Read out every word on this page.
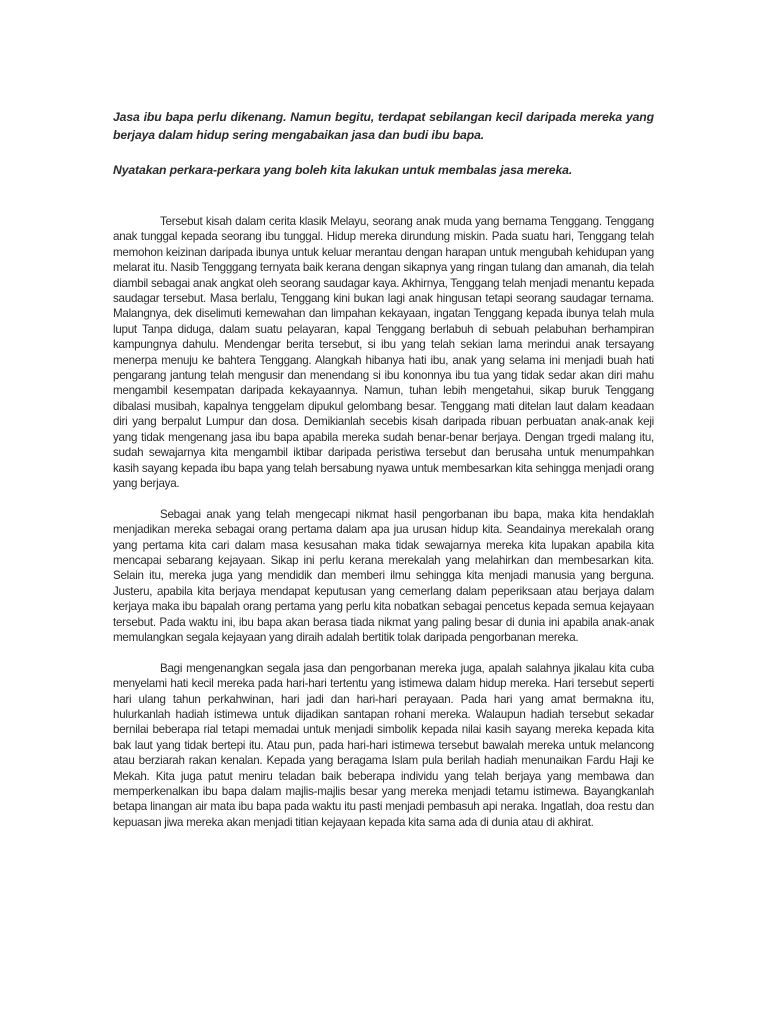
Jasa ibu bapa perlu dikenang. Namun begitu, terdapat sebilangan kecil daripada mereka yang berjaya dalam hidup sering mengabaikan jasa dan budi ibu bapa.

Nyatakan perkara-perkara yang boleh kita lakukan untuk membalas jasa mereka.

Tersebut kisah dalam cerita klasik Melayu, seorang anak muda yang bernama Tenggang. Tenggang anak tunggal kepada seorang ibu tunggal. Hidup mereka dirundung miskin. Pada suatu hari, Tenggang telah memohon keizinan daripada ibunya untuk keluar merantau dengan harapan untuk mengubah kehidupan yang melarat itu. Nasib Tengggang ternyata baik kerana dengan sikapnya yang ringan tulang dan amanah, dia telah diambil sebagai anak angkat oleh seorang saudagar kaya. Akhirnya, Tenggang telah menjadi menantu kepada saudagar tersebut. Masa berlalu, Tenggang kini bukan lagi anak hingusan tetapi seorang saudagar ternama. Malangnya, dek diselimuti kemewahan dan limpahan kekayaan, ingatan Tenggang kepada ibunya telah mula luput Tanpa diduga, dalam suatu pelayaran, kapal Tenggang berlabuh di sebuah pelabuhan berhampiran kampungnya dahulu. Mendengar berita tersebut, si ibu yang telah sekian lama merindui anak tersayang menerpa menuju ke bahtera Tenggang. Alangkah hibanya hati ibu, anak yang selama ini menjadi buah hati pengarang jantung telah mengusir dan menendang si ibu kononnya ibu tua yang tidak sedar akan diri mahu mengambil kesempatan daripada kekayaannya. Namun, tuhan lebih mengetahui, sikap buruk Tenggang dibalasi musibah, kapalnya tenggelam dipukul gelombang besar. Tenggang mati ditelan laut dalam keadaan diri yang berpalut Lumpur dan dosa. Demikianlah secebis kisah daripada ribuan perbuatan anak-anak keji yang tidak mengenang jasa ibu bapa apabila mereka sudah benar-benar berjaya. Dengan trgedi malang itu, sudah sewajarnya kita mengambil iktibar daripada peristiwa tersebut dan berusaha untuk menumpahkan kasih sayang kepada ibu bapa yang telah bersabung nyawa untuk membesarkan kita sehingga menjadi orang yang berjaya.

Sebagai anak yang telah mengecapi nikmat hasil pengorbanan ibu bapa, maka kita hendaklah menjadikan mereka sebagai orang pertama dalam apa jua urusan hidup kita. Seandainya merekalah orang yang pertama kita cari dalam masa kesusahan maka tidak sewajarnya mereka kita lupakan apabila kita mencapai sebarang kejayaan. Sikap ini perlu kerana merekalah yang melahirkan dan membesarkan kita. Selain itu, mereka juga yang mendidik dan memberi ilmu sehingga kita menjadi manusia yang berguna. Justeru, apabila kita berjaya mendapat keputusan yang cemerlang dalam peperiksaan atau berjaya dalam kerjaya maka ibu bapalah orang pertama yang perlu kita nobatkan sebagai pencetus kepada semua kejayaan tersebut. Pada waktu ini, ibu bapa akan berasa tiada nikmat yang paling besar di dunia ini apabila anak-anak memulangkan segala kejayaan yang diraih adalah bertitik tolak daripada pengorbanan mereka.

Bagi mengenangkan segala jasa dan pengorbanan mereka juga, apalah salahnya jikalau kita cuba menyelami hati kecil mereka pada hari-hari tertentu yang istimewa dalam hidup mereka. Hari tersebut seperti hari ulang tahun perkahwinan, hari jadi dan hari-hari perayaan. Pada hari yang amat bermakna itu, hulurkanlah hadiah istimewa untuk dijadikan santapan rohani mereka. Walaupun hadiah tersebut sekadar bernilai beberapa rial tetapi memadai untuk menjadi simbolik kepada nilai kasih sayang mereka kepada kita bak laut yang tidak bertepi itu. Atau pun, pada hari-hari istimewa tersebut bawalah mereka untuk melancong atau berziarah rakan kenalan. Kepada yang beragama Islam pula berilah hadiah menunaikan Fardu Haji ke Mekah. Kita juga patut meniru teladan baik beberapa individu yang telah berjaya yang membawa dan memperkenalkan ibu bapa dalam majlis-majlis besar yang mereka menjadi tetamu istimewa. Bayangkanlah betapa linangan air mata ibu bapa pada waktu itu pasti menjadi pembasuh api neraka. Ingatlah, doa restu dan kepuasan jiwa mereka akan menjadi titian kejayaan kepada kita sama ada di dunia atau di akhirat.
